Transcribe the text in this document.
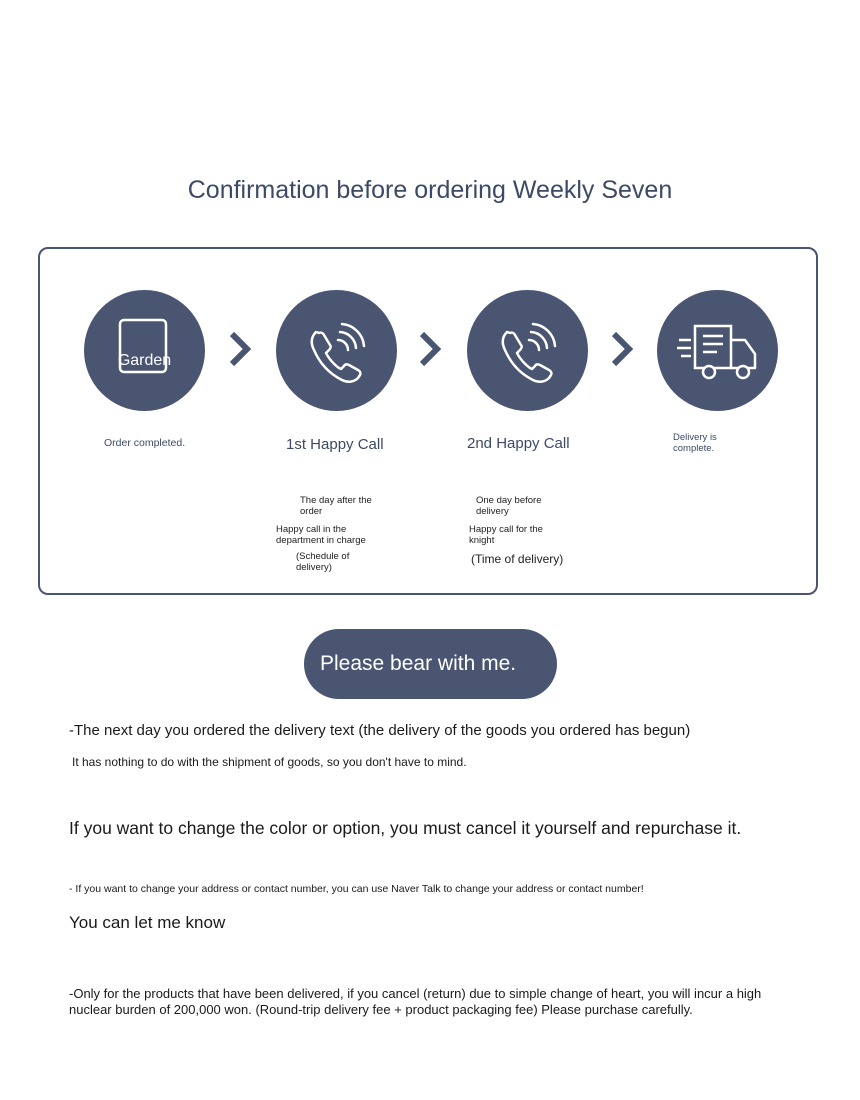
Confirmation before ordering Weekly Seven
Garden
Order completed.	1st Happy Call
The day after the order
Happy call in the department in charge
(Schedule of delivery)
2nd Happy Call
One day before delivery
Happy call for the knight
(Time of delivery)
Delivery is complete.
Please bear with me.
-The next day you ordered the delivery text (the delivery of the goods you ordered has begun)
It has nothing to do with the shipment of goods, so you don't have to mind.
If you want to change the color or option, you must cancel it yourself and repurchase it.
- If you want to change your address or contact number, you can use Naver Talk to change your address or contact number!
You can let me know
-Only for the products that have been delivered, if you cancel (return) due to simple change of heart, you will incur a high nuclear burden of 200,000 won. (Round-trip delivery fee + product packaging fee) Please purchase carefully.
